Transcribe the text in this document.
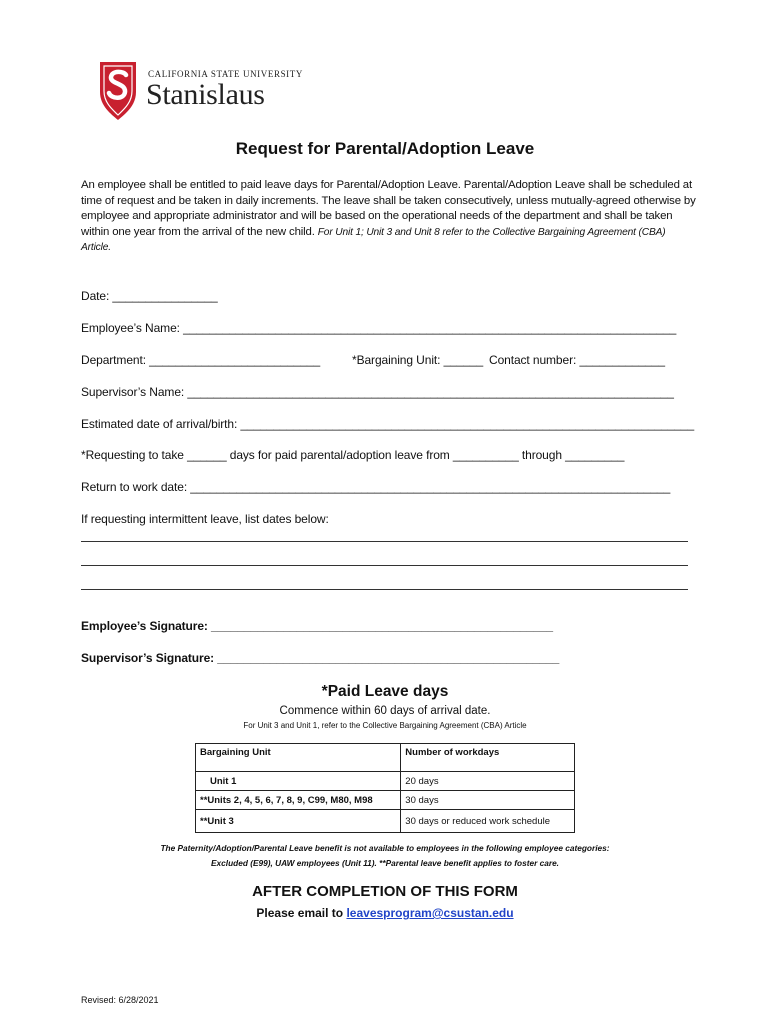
CALIFORNIA STATE UNIVERSITY
Stanislaus
Request for Parental/Adoption Leave
An employee shall be entitled to paid leave days for Parental/Adoption Leave. Parental/Adoption Leave shall be scheduled at time of request and be taken in daily increments. The leave shall be taken consecutively, unless mutually-agreed otherwise by employee and appropriate administrator and will be based on the operational needs of the department and shall be taken within one year from the arrival of the new child. For Unit 1; Unit 3 and Unit 8 refer to the Collective Bargaining Agreement (CBA) Article.
Date: ________________
Employee’s Name: ___________________________________________________________________________
Department: __________________________	*Bargaining Unit: ______ Contact number: _____________
Supervisor’s Name: __________________________________________________________________________
Estimated date of arrival/birth: _____________________________________________________________________
*Requesting to take ______ days for paid parental/adoption leave from __________ through _________
Return to work date: _________________________________________________________________________
If requesting intermittent leave, list dates below:
Employee’s Signature: ____________________________________________________
Supervisor’s Signature: ____________________________________________________
*Paid Leave days
Commence within 60 days of arrival date.
For Unit 3 and Unit 1, refer to the Collective Bargaining Agreement (CBA) Article
Bargaining Unit	Number of workdays
Unit 1	20 days
**Units 2, 4, 5, 6, 7, 8, 9, C99, M80, M98	30 days
**Unit 3	30 days or reduced work schedule
The Paternity/Adoption/Parental Leave benefit is not available to employees in the following employee categories:
Excluded (E99), UAW employees (Unit 11). **Parental leave benefit applies to foster care.
AFTER COMPLETION OF THIS FORM
Please email to leavesprogram@csustan.edu
Revised: 6/28/2021
